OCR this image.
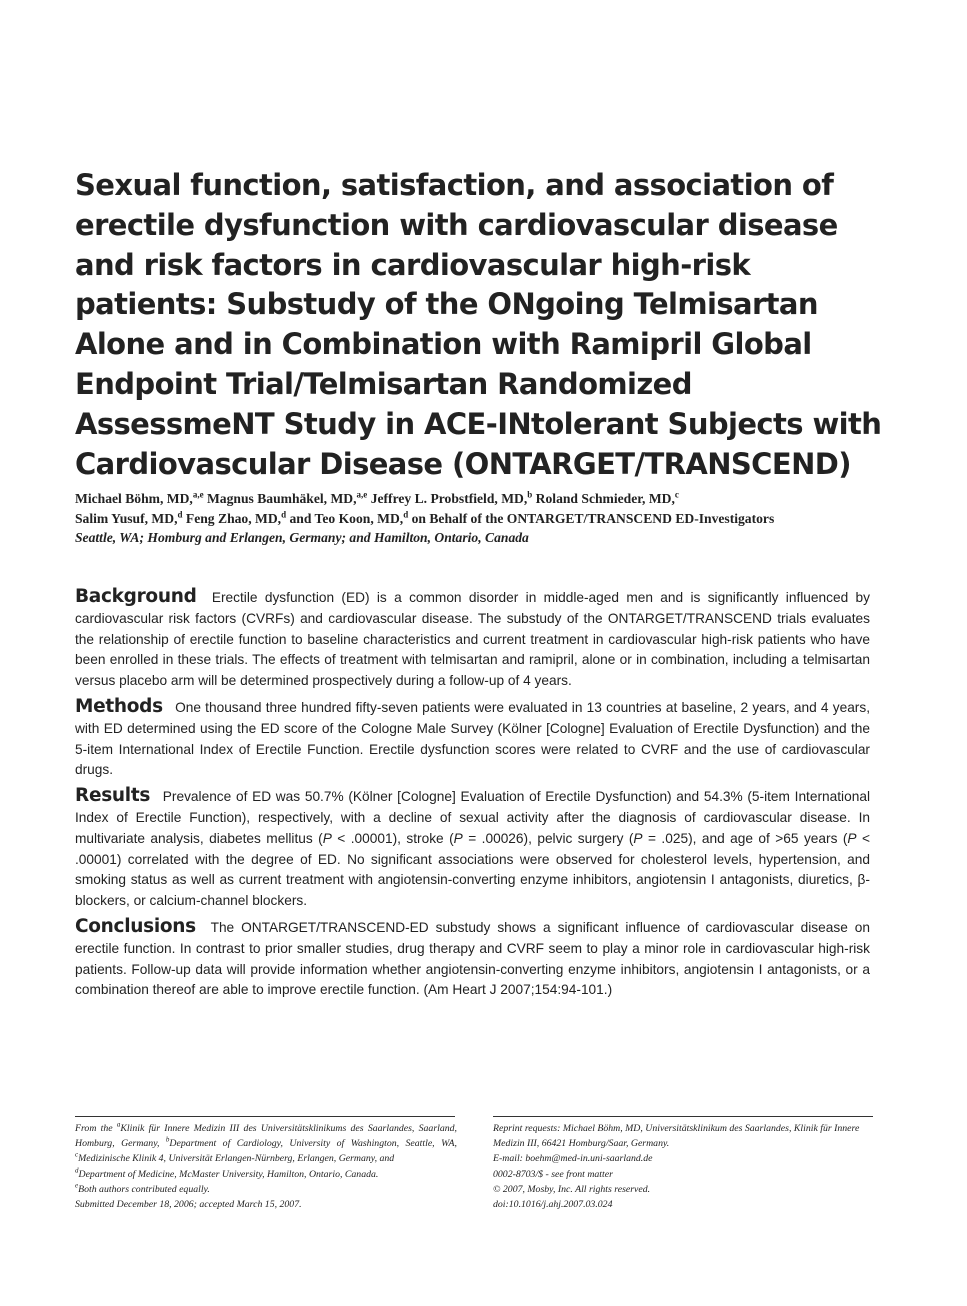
Sexual function, satisfaction, and association of erectile dysfunction with cardiovascular disease and risk factors in cardiovascular high-risk patients: Substudy of the ONgoing Telmisartan Alone and in Combination with Ramipril Global Endpoint Trial/Telmisartan Randomized AssessmeNT Study in ACE-INtolerant Subjects with Cardiovascular Disease (ONTARGET/TRANSCEND)
Michael Böhm, MD,$^{a,e}$ Magnus Baumhäkel, MD,$^{a,e}$ Jeffrey L. Probstfield, MD,$^b$ Roland Schmieder, MD,$^c$
Salim Yusuf, MD,$^d$ Feng Zhao, MD,$^d$ and Teo Koon, MD,$^d$ on Behalf of the ONTARGET/TRANSCEND ED-Investigators
Seattle, WA; Homburg and Erlangen, Germany; and Hamilton, Ontario, Canada

Background Erectile dysfunction (ED) is a common disorder in middle-aged men and is significantly influenced by cardiovascular risk factors (CVRFs) and cardiovascular disease. The substudy of the ONTARGET/TRANSCEND trials evaluates the relationship of erectile function to baseline characteristics and current treatment in cardiovascular high-risk patients who have been enrolled in these trials. The effects of treatment with telmisartan and ramipril, alone or in combination, including a telmisartan versus placebo arm will be determined prospectively during a follow-up of 4 years.

Methods One thousand three hundred fifty-seven patients were evaluated in 13 countries at baseline, 2 years, and 4 years, with ED determined using the ED score of the Cologne Male Survey (Kölner [Cologne] Evaluation of Erectile Dysfunction) and the 5-item International Index of Erectile Function. Erectile dysfunction scores were related to CVRF and the use of cardiovascular drugs.

Results Prevalence of ED was 50.7% (Kölner [Cologne] Evaluation of Erectile Dysfunction) and 54.3% (5-item International Index of Erectile Function), respectively, with a decline of sexual activity after the diagnosis of cardiovascular disease. In multivariate analysis, diabetes mellitus (P < .00001), stroke (P = .00026), pelvic surgery (P = .025), and age of >65 years (P < .00001) correlated with the degree of ED. No significant associations were observed for cholesterol levels, hypertension, and smoking status as well as current treatment with angiotensin-converting enzyme inhibitors, angiotensin I antagonists, diuretics, β-blockers, or calcium-channel blockers.

Conclusions The ONTARGET/TRANSCEND-ED substudy shows a significant influence of cardiovascular disease on erectile function. In contrast to prior smaller studies, drug therapy and CVRF seem to play a minor role in cardiovascular high-risk patients. Follow-up data will provide information whether angiotensin-converting enzyme inhibitors, angiotensin I antagonists, or a combination thereof are able to improve erectile function. (Am Heart J 2007;154:94-101.)

From the $^a$Klinik für Innere Medizin III des Universitätsklinikums des Saarlandes, Saarland, Homburg, Germany, $^b$Department of Cardiology, University of Washington, Seattle, WA, $^c$Medizinische Klinik 4, Universität Erlangen-Nürnberg, Erlangen, Germany, and
$^d$Department of Medicine, McMaster University, Hamilton, Ontario, Canada.
$^e$Both authors contributed equally.
Submitted December 18, 2006; accepted March 15, 2007.
Reprint requests: Michael Böhm, MD, Universitätsklinikum des Saarlandes, Klinik für Innere Medizin III, 66421 Homburg/Saar, Germany.
E-mail: boehm@med-in.uni-saarland.de
0002-8703/$ - see front matter
© 2007, Mosby, Inc. All rights reserved.
doi:10.1016/j.ahj.2007.03.024
